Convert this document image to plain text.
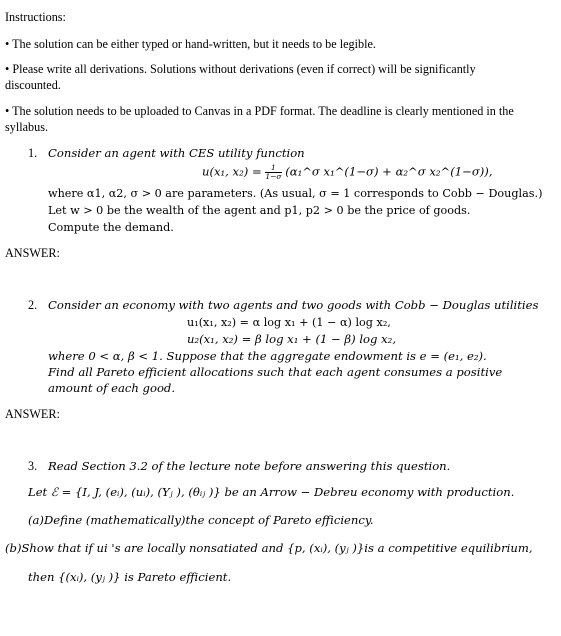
Instructions:
• The solution can be either typed or hand-written, but it needs to be legible.
• Please write all derivations. Solutions without derivations (even if correct) will be significantly
discounted.
• The solution needs to be uploaded to Canvas in a PDF format. The deadline is clearly mentioned in the
syllabus.
1. Consider an agent with CES utility function
u(x₁, $x_2) = \frac{1}{1-\sigma}$ (α₁^σ x₁^(1−σ) + α₂^σ x₂^(1−σ)),
where α1, α2, σ > 0 are parameters. (As usual, σ = 1 corresponds to Cobb − Douglas.)
Let w > 0 be the wealth of the agent and p1, p2 > 0 be the price of goods.
Compute the demand.
ANSWER:
2. Consider an economy with two agents and two goods with Cobb − Douglas utilities
u₁(x₁, x₂) = α log x₁ + (1 − α) log x₂,
u₂(x₁, x₂) = β log x₁ + (1 − β) log x₂,
where 0 < α, β < 1. Suppose that the aggregate endowment is e = (e₁, e₂).
Find all Pareto efficient allocations such that each agent consumes a positive
amount of each good.
ANSWER:
3. Read Section 3.2 of the lecture note before answering this question.
Let ℰ = {I, J, (eᵢ), (uᵢ), (Yⱼ ), (θᵢⱼ )} be an Arrow − Debreu economy with production.
(a)Define (mathematically)the concept of Pareto efficiency.
(b)Show that if ui 's are locally nonsatiated and {p, (xᵢ), (yⱼ )}is a competitive equilibrium,
then {(xᵢ), (yⱼ )} is Pareto efficient.
